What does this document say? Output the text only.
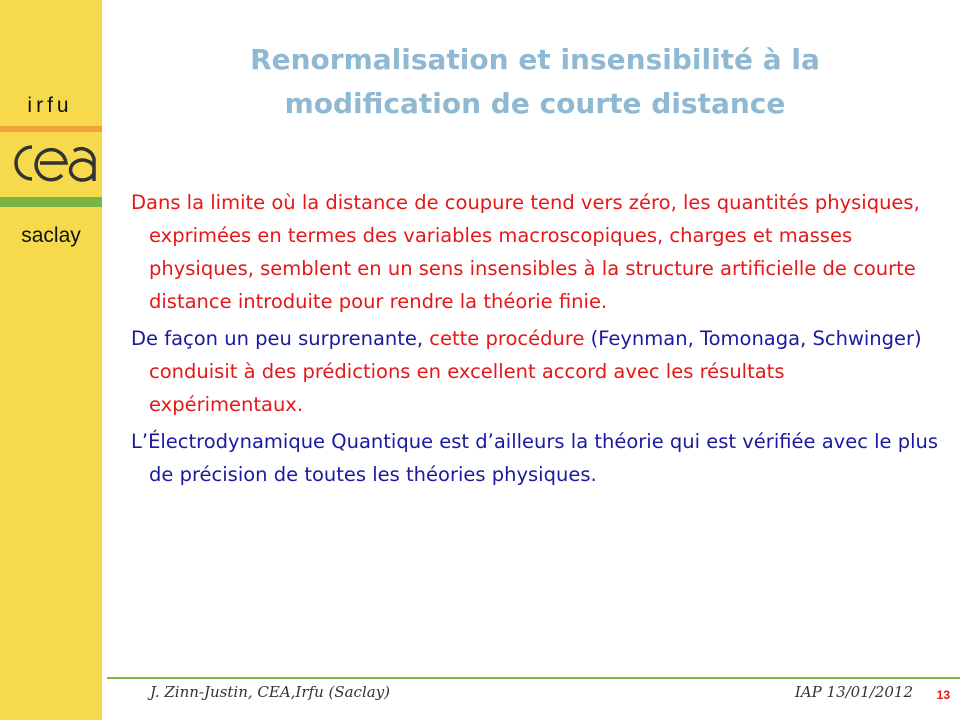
irfu
cea
saclay
Renormalisation et insensibilité à la
modification de courte distance

Dans la limite où la distance de coupure tend vers zéro, les quantités physiques, exprimées en termes des variables macroscopiques, charges et masses physiques, semblent en un sens insensibles à la structure artificielle de courte distance introduite pour rendre la théorie finie.

De façon un peu surprenante, cette procédure (Feynman, Tomonaga, Schwinger) conduisit à des prédictions en excellent accord avec les résultats expérimentaux.

L’Électrodynamique Quantique est d’ailleurs la théorie qui est vérifiée avec le plus de précision de toutes les théories physiques.

J. Zinn-Justin, CEA,Irfu (Saclay)	IAP 13/01/2012 13
